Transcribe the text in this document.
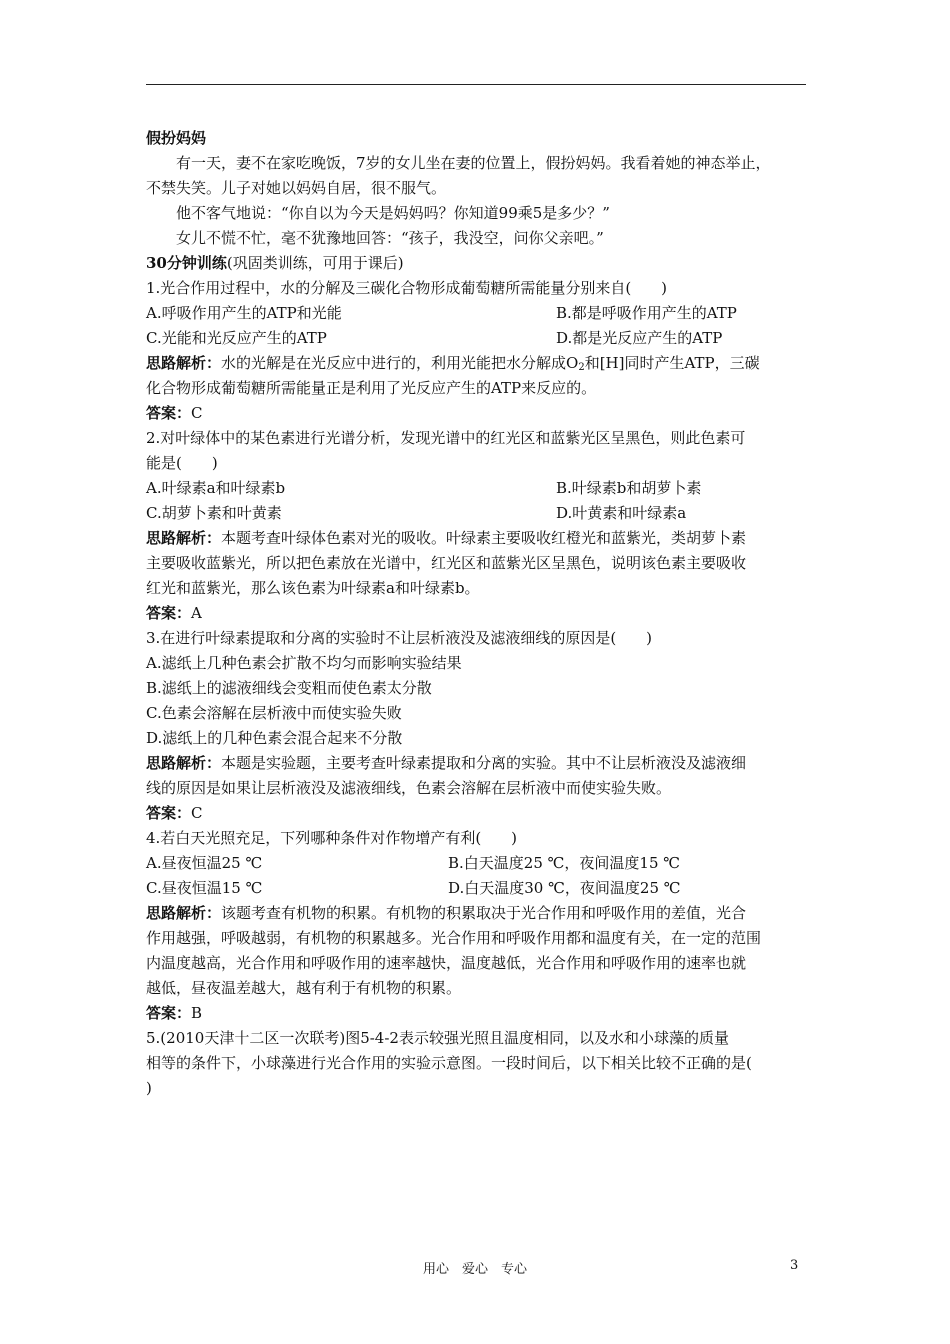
假扮妈妈
有一天，妻不在家吃晚饭，7岁的女儿坐在妻的位置上，假扮妈妈。我看着她的神态举止，
不禁失笑。儿子对她以妈妈自居，很不服气。
他不客气地说：“你自以为今天是妈妈吗？你知道99乘5是多少？”
女儿不慌不忙，毫不犹豫地回答：“孩子，我没空，问你父亲吧。”
30分钟训练(巩固类训练，可用于课后)
1.光合作用过程中，水的分解及三碳化合物形成葡萄糖所需能量分别来自(　　)
A.呼吸作用产生的ATP和光能	B.都是呼吸作用产生的ATP
C.光能和光反应产生的ATP	D.都是光反应产生的ATP
思路解析：水的光解是在光反应中进行的，利用光能把水分解成$O_2$和[H]同时产生ATP，三碳
化合物形成葡萄糖所需能量正是利用了光反应产生的ATP来反应的。
答案：C
2.对叶绿体中的某色素进行光谱分析，发现光谱中的红光区和蓝紫光区呈黑色，则此色素可
能是(　　)
A.叶绿素a和叶绿素b	B.叶绿素b和胡萝卜素
C.胡萝卜素和叶黄素	D.叶黄素和叶绿素a
思路解析：本题考查叶绿体色素对光的吸收。叶绿素主要吸收红橙光和蓝紫光，类胡萝卜素
主要吸收蓝紫光，所以把色素放在光谱中，红光区和蓝紫光区呈黑色，说明该色素主要吸收
红光和蓝紫光，那么该色素为叶绿素a和叶绿素b。
答案：A
3.在进行叶绿素提取和分离的实验时不让层析液没及滤液细线的原因是(　　)
A.滤纸上几种色素会扩散不均匀而影响实验结果
B.滤纸上的滤液细线会变粗而使色素太分散
C.色素会溶解在层析液中而使实验失败
D.滤纸上的几种色素会混合起来不分散
思路解析：本题是实验题，主要考查叶绿素提取和分离的实验。其中不让层析液没及滤液细
线的原因是如果让层析液没及滤液细线，色素会溶解在层析液中而使实验失败。
答案：C
4.若白天光照充足，下列哪种条件对作物增产有利(　　)
A.昼夜恒温25 ℃	B.白天温度25 ℃，夜间温度15 ℃
C.昼夜恒温15 ℃	D.白天温度30 ℃，夜间温度25 ℃
思路解析：该题考查有机物的积累。有机物的积累取决于光合作用和呼吸作用的差值，光合
作用越强，呼吸越弱，有机物的积累越多。光合作用和呼吸作用都和温度有关，在一定的范围
内温度越高，光合作用和呼吸作用的速率越快，温度越低，光合作用和呼吸作用的速率也就
越低，昼夜温差越大，越有利于有机物的积累。
答案：B
5.(2010天津十二区一次联考)图5-4-2表示较强光照且温度相同，以及水和小球藻的质量
相等的条件下，小球藻进行光合作用的实验示意图。一段时间后，以下相关比较不正确的是(
)
用心　爱心　专心	3
